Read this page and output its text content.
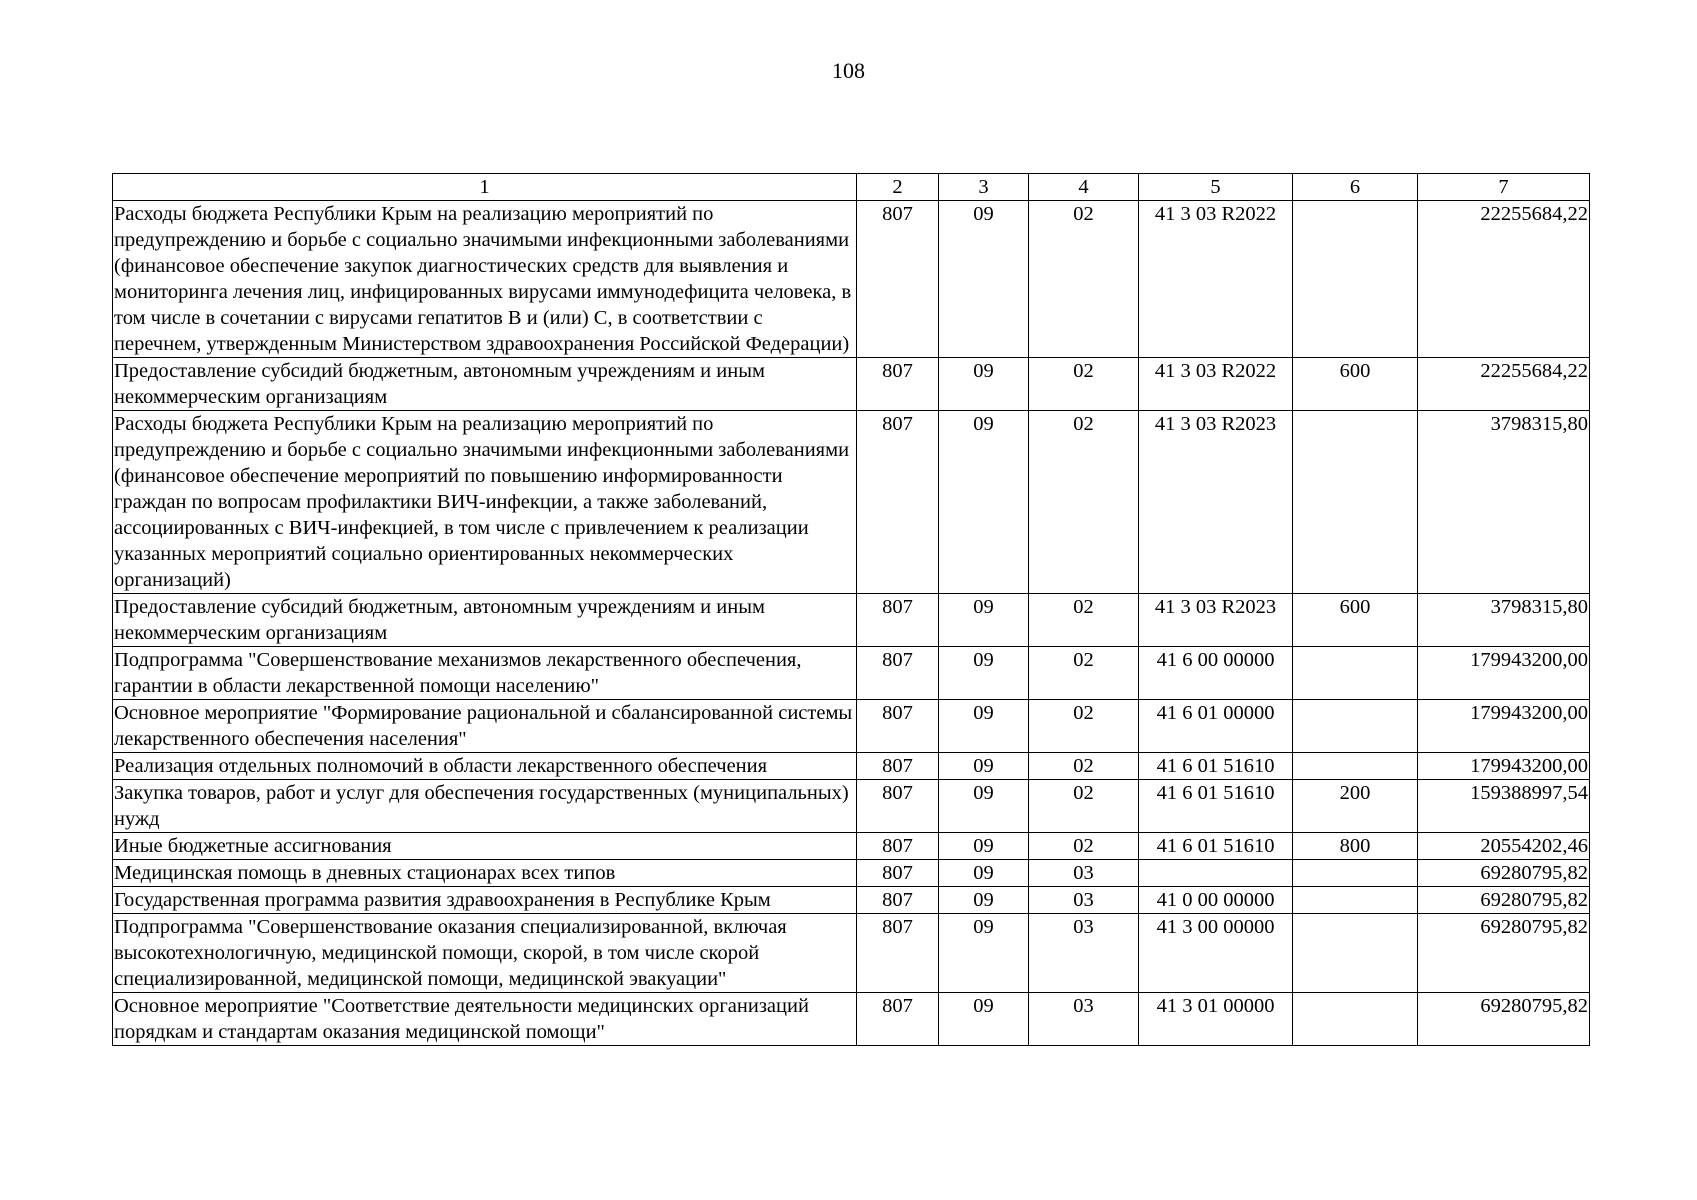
108
1	2	3	4	5	6	7
Расходы бюджета Республики Крым на реализацию мероприятий по предупреждению и борьбе с социально значимыми инфекционными заболеваниями (финансовое обеспечение закупок диагностических средств для выявления и мониторинга лечения лиц, инфицированных вирусами иммунодефицита человека, в том числе в сочетании с вирусами гепатитов В и (или) С, в соответствии с перечнем, утвержденным Министерством здравоохранения Российской Федерации)	807	09	02	41 3 03 R2022		22255684,22
Предоставление субсидий бюджетным, автономным учреждениям и иным некоммерческим организациям	807	09	02	41 3 03 R2022	600	22255684,22
Расходы бюджета Республики Крым на реализацию мероприятий по предупреждению и борьбе с социально значимыми инфекционными заболеваниями (финансовое обеспечение мероприятий по повышению информированности граждан по вопросам профилактики ВИЧ-инфекции, а также заболеваний, ассоциированных с ВИЧ-инфекцией, в том числе с привлечением к реализации указанных мероприятий социально ориентированных некоммерческих организаций)	807	09	02	41 3 03 R2023		3798315,80
Предоставление субсидий бюджетным, автономным учреждениям и иным некоммерческим организациям	807	09	02	41 3 03 R2023	600	3798315,80
Подпрограмма "Совершенствование механизмов лекарственного обеспечения, гарантии в области лекарственной помощи населению"	807	09	02	41 6 00 00000		179943200,00
Основное мероприятие "Формирование рациональной и сбалансированной системы лекарственного обеспечения населения"	807	09	02	41 6 01 00000		179943200,00
Реализация отдельных полномочий в области лекарственного обеспечения	807	09	02	41 6 01 51610		179943200,00
Закупка товаров, работ и услуг для обеспечения государственных (муниципальных) нужд	807	09	02	41 6 01 51610	200	159388997,54
Иные бюджетные ассигнования	807	09	02	41 6 01 51610	800	20554202,46
Медицинская помощь в дневных стационарах всех типов	807	09	03			69280795,82
Государственная программа развития здравоохранения в Республике Крым	807	09	03	41 0 00 00000		69280795,82
Подпрограмма "Совершенствование оказания специализированной, включая высокотехнологичную, медицинской помощи, скорой, в том числе скорой специализированной, медицинской помощи, медицинской эвакуации"	807	09	03	41 3 00 00000		69280795,82
Основное мероприятие "Соответствие деятельности медицинских организаций порядкам и стандартам оказания медицинской помощи"	807	09	03	41 3 01 00000		69280795,82
